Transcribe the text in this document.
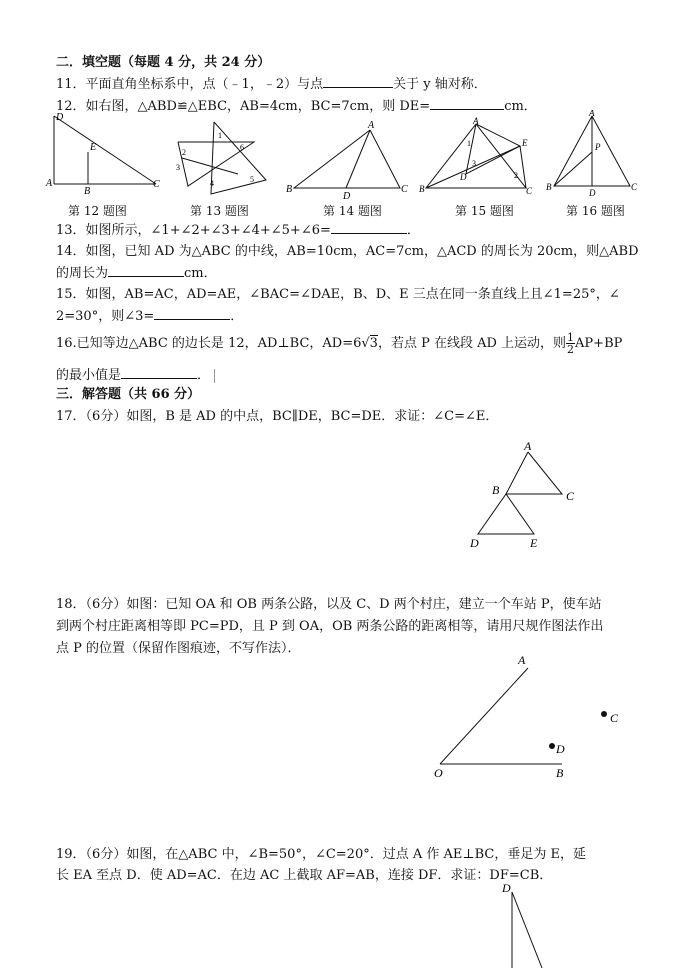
二．填空题（每题 4 分，共 24 分）
11．平面直角坐标系中，点（﹣1，﹣2）与点	关于 y 轴对称．
12．如右图，△ABD≌△EBC，AB=4cm，BC=7cm，则 DE=	cm．
D
E
A
B
C
第 12 题图
1
2
3
4	5
6
第 13 题图
A
B
D
C
第 14 题图
A
1
3
D
E
2
B	C
第 15 题图
A
P
B
D
C
第 16 题图
13．如图所示，∠1+∠2+∠3+∠4+∠5+∠6=	．
14．如图，已知 AD 为△ABC 的中线，AB=10cm，AC=7cm，△ACD 的周长为 20cm，则△ABD
的周长为	cm．
15．如图，AB=AC，AD=AE，∠BAC=∠DAE，B、D、E 三点在同一条直线上且∠1=25°，∠
2=30°，则∠3=	．
16.已知等边△ABC 的边长是 12，AD⊥BC，AD=6√3，若点 P 在线段 AD 上运动，则 $\frac{1}{2} AP+BP$
的最小值是	．
三．解答题（共 66 分）
17．（6分）如图，B 是 AD 的中点，BC∥DE，BC=DE．求证：∠C=∠E．
A
B	C
D	E
18．（6分）如图：已知 OA 和 OB 两条公路，以及 C、D 两个村庄，建立一个车站 P，使车站
到两个村庄距离相等即 PC=PD，且 P 到 OA，OB 两条公路的距离相等，请用尺规作图法作出
点 P 的位置（保留作图痕迹，不写作法）．
A
C
D
O	B
19．（6分）如图，在△ABC 中，∠B=50°，∠C=20°．过点 A 作 AE⊥BC，垂足为 E，延
长 EA 至点 D．使 AD=AC．在边 AC 上截取 AF=AB，连接 DF．求证：DF=CB．
D
